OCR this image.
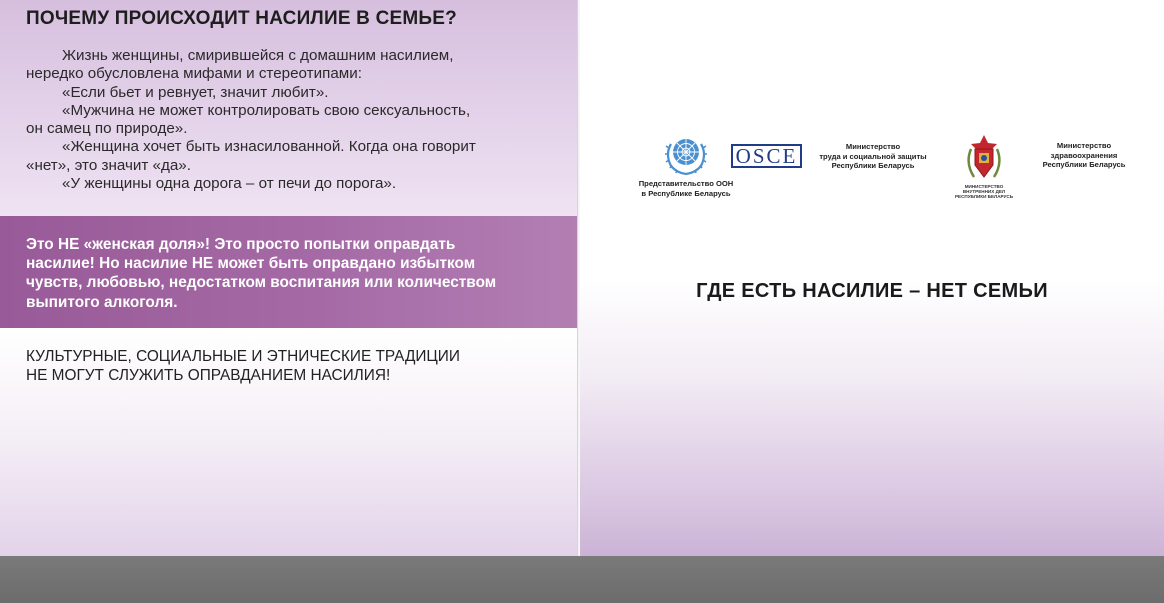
ПОЧЕМУ ПРОИСХОДИТ НАСИЛИЕ В СЕМЬЕ?

Жизнь женщины, смирившейся с домашним насилием,

нередко обусловлена мифами и стереотипами:

«Если бьет и ревнует, значит любит».

«Мужчина не может контролировать свою сексуальность,

он самец по природе».

«Женщина хочет быть изнасилованной. Когда она говорит

«нет», это значит «да».

«У женщины одна дорога – от печи до порога».

Это НЕ «женская доля»! Это просто попытки оправдать

насилие! Но насилие НЕ может быть оправдано избытком

чувств, любовью, недостатком воспитания или количеством

выпитого алкоголя.

КУЛЬТУРНЫЕ, СОЦИАЛЬНЫЕ И ЭТНИЧЕСКИЕ ТРАДИЦИИ

НЕ МОГУТ СЛУЖИТЬ ОПРАВДАНИЕМ НАСИЛИЯ!

Представительство ООН
в Республике Беларусь
OSCE	Министерство
труда и социальной защиты
Республики Беларусь
МИНИСТЕРСТВО
ВНУТРЕННИХ ДЕЛ
РЕСПУБЛИКИ БЕЛАРУСЬ
Министерство
здравоохранения
Республики Беларусь
ГДЕ ЕСТЬ НАСИЛИЕ – НЕТ СЕМЬИ
